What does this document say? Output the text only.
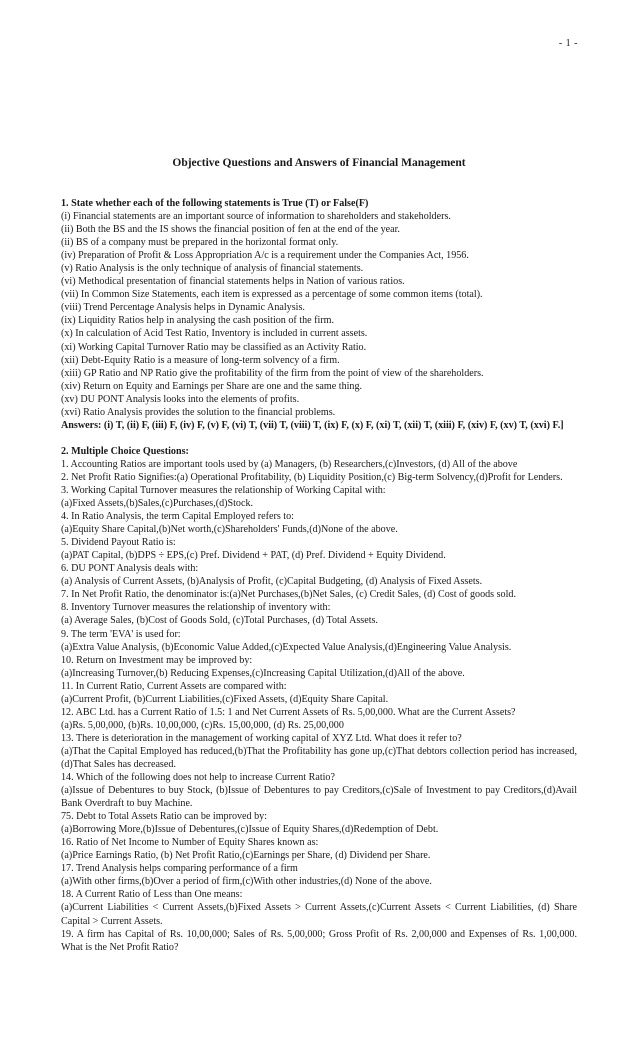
- 1 -
Objective Questions and Answers of Financial Management

1. State whether each of the following statements is True (T) or False(F)

(i) Financial statements are an important source of information to shareholders and stakeholders.
(ii) Both the BS and the IS shows the financial position of fen at the end of the year.
(ii) BS of a company must be prepared in the horizontal format only.
(iv) Preparation of Profit & Loss Appropriation A/c is a requirement under the Companies Act, 1956.
(v) Ratio Analysis is the only technique of analysis of financial statements.
(vi) Methodical presentation of financial statements helps in Nation of various ratios.
(vii) In Common Size Statements, each item is expressed as a percentage of some common items (total).
(viii) Trend Percentage Analysis helps in Dynamic Analysis.
(ix) Liquidity Ratios help in analysing the cash position of the firm.
(x) In calculation of Acid Test Ratio, Inventory is included in current assets.
(xi) Working Capital Turnover Ratio may be classified as an Activity Ratio.
(xii) Debt-Equity Ratio is a measure of long-term solvency of a firm.
(xiii) GP Ratio and NP Ratio give the profitability of the firm from the point of view of the shareholders.
(xiv) Return on Equity and Earnings per Share are one and the same thing.
(xv) DU PONT Analysis looks into the elements of profits.
(xvi) Ratio Analysis provides the solution to the financial problems.

Answers: (i) T, (ii) F, (iii) F, (iv) F, (v) F, (vi) T, (vii) T, (viii) T, (ix) F, (x) F, (xi) T, (xii) T, (xiii) F, (xiv) F, (xv) T, (xvi) F.]

2. Multiple Choice Questions:

1. Accounting Ratios are important tools used by (a) Managers, (b) Researchers,(c)Investors, (d) All of the above
2. Net Profit Ratio Signifies:(a) Operational Profitability, (b) Liquidity Position,(c) Big-term Solvency,(d)Profit for Lenders.
3. Working Capital Turnover measures the relationship of Working Capital with:
(a)Fixed Assets,(b)Sales,(c)Purchases,(d)Stock.
4. In Ratio Analysis, the term Capital Employed refers to:
(a)Equity Share Capital,(b)Net worth,(c)Shareholders' Funds,(d)None of the above.
5. Dividend Payout Ratio is:
(a)PAT Capital, (b)DPS ÷ EPS,(c) Pref. Dividend + PAT, (d) Pref. Dividend + Equity Dividend.
6. DU PONT Analysis deals with:
(a) Analysis of Current Assets, (b)Analysis of Profit, (c)Capital Budgeting, (d) Analysis of Fixed Assets.
7. In Net Profit Ratio, the denominator is:(a)Net Purchases,(b)Net Sales, (c) Credit Sales, (d) Cost of goods sold.
8. Inventory Turnover measures the relationship of inventory with:
(a) Average Sales, (b)Cost of Goods Sold, (c)Total Purchases, (d) Total Assets.
9. The term 'EVA' is used for:
(a)Extra Value Analysis, (b)Economic Value Added,(c)Expected Value Analysis,(d)Engineering Value Analysis.
10. Return on Investment may be improved by:
(a)Increasing Turnover,(b) Reducing Expenses,(c)Increasing Capital Utilization,(d)All of the above.
11. In Current Ratio, Current Assets are compared with:
(a)Current Profit, (b)Current Liabilities,(c)Fixed Assets, (d)Equity Share Capital.
12. ABC Ltd. has a Current Ratio of 1.5: 1 and Net Current Assets of Rs. 5,00,000. What are the Current Assets?
(a)Rs. 5,00,000, (b)Rs. 10,00,000, (c)Rs. 15,00,000, (d) Rs. 25,00,000
13. There is deterioration in the management of working capital of XYZ Ltd. What does it refer to?
(a)That the Capital Employed has reduced,(b)That the Profitability has gone up,(c)That debtors collection period has increased,(d)That Sales has decreased.
14. Which of the following does not help to increase Current Ratio?
(a)Issue of Debentures to buy Stock, (b)Issue of Debentures to pay Creditors,(c)Sale of Investment to pay Creditors,(d)Avail Bank Overdraft to buy Machine.
75. Debt to Total Assets Ratio can be improved by:
(a)Borrowing More,(b)Issue of Debentures,(c)Issue of Equity Shares,(d)Redemption of Debt.
16. Ratio of Net Income to Number of Equity Shares known as:
(a)Price Earnings Ratio, (b) Net Profit Ratio,(c)Earnings per Share, (d) Dividend per Share.
17. Trend Analysis helps comparing performance of a firm
(a)With other firms,(b)Over a period of firm,(c)With other industries,(d) None of the above.
18. A Current Ratio of Less than One means:
(a)Current Liabilities < Current Assets,(b)Fixed Assets > Current Assets,(c)Current Assets < Current Liabilities, (d) Share Capital > Current Assets.
19. A firm has Capital of Rs. 10,00,000; Sales of Rs. 5,00,000; Gross Profit of Rs. 2,00,000 and Expenses of Rs. 1,00,000. What is the Net Profit Ratio?
